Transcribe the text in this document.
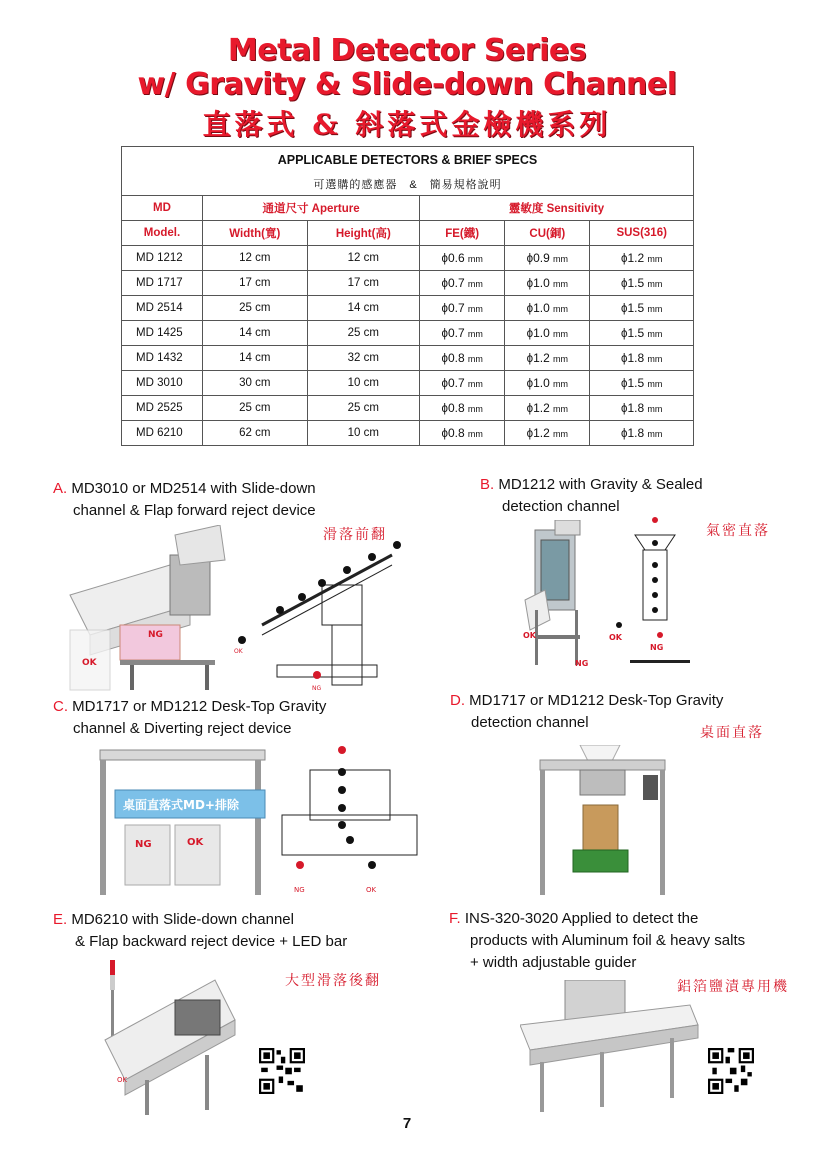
Metal Detector Series
w/ Gravity & Slide-down Channel
直落式 & 斜落式金檢機系列
APPLICABLE DETECTORS & BRIEF SPECS					
可選購的感應器　&　簡易規格說明					
MD	通道尺寸 Aperture		靈敏度 Sensitivity		
Model.	Width(寬)	Height(高)	FE(鐵)	CU(銅)	SUS(316)
MD 1212	12 cm	12 cm	ϕ0.6 mm	ϕ0.9 mm	ϕ1.2 mm
MD 1717	17 cm	17 cm	ϕ0.7 mm	ϕ1.0 mm	ϕ1.5 mm
MD 2514	25 cm	14 cm	ϕ0.7 mm	ϕ1.0 mm	ϕ1.5 mm
MD 1425	14 cm	25 cm	ϕ0.7 mm	ϕ1.0 mm	ϕ1.5 mm
MD 1432	14 cm	32 cm	ϕ0.8 mm	ϕ1.2 mm	ϕ1.8 mm
MD 3010	30 cm	10 cm	ϕ0.7 mm	ϕ1.0 mm	ϕ1.5 mm
MD 2525	25 cm	25 cm	ϕ0.8 mm	ϕ1.2 mm	ϕ1.8 mm
MD 6210	62 cm	10 cm	ϕ0.8 mm	ϕ1.2 mm	ϕ1.8 mm
A. MD3010 or MD2514 with Slide-down
channel & Flap forward reject device
滑落前翻
OK
NG
OK
NG
B. MD1212 with Gravity & Sealed
detection channel
氣密直落
OK
NG
OK
NG
C. MD1717 or MD1212 Desk-Top Gravity
channel & Diverting reject device
桌面直落式MD+排除
NG	OK
NG	OK
D. MD1717 or MD1212 Desk-Top Gravity
detection channel
桌面直落
E. MD6210 with Slide-down channel
& Flap backward reject device + LED bar
大型滑落後翻
OK
F. INS-320-3020 Applied to detect the
products with Aluminum foil & heavy salts
+ width adjustable guider
鋁箔鹽漬專用機
7
